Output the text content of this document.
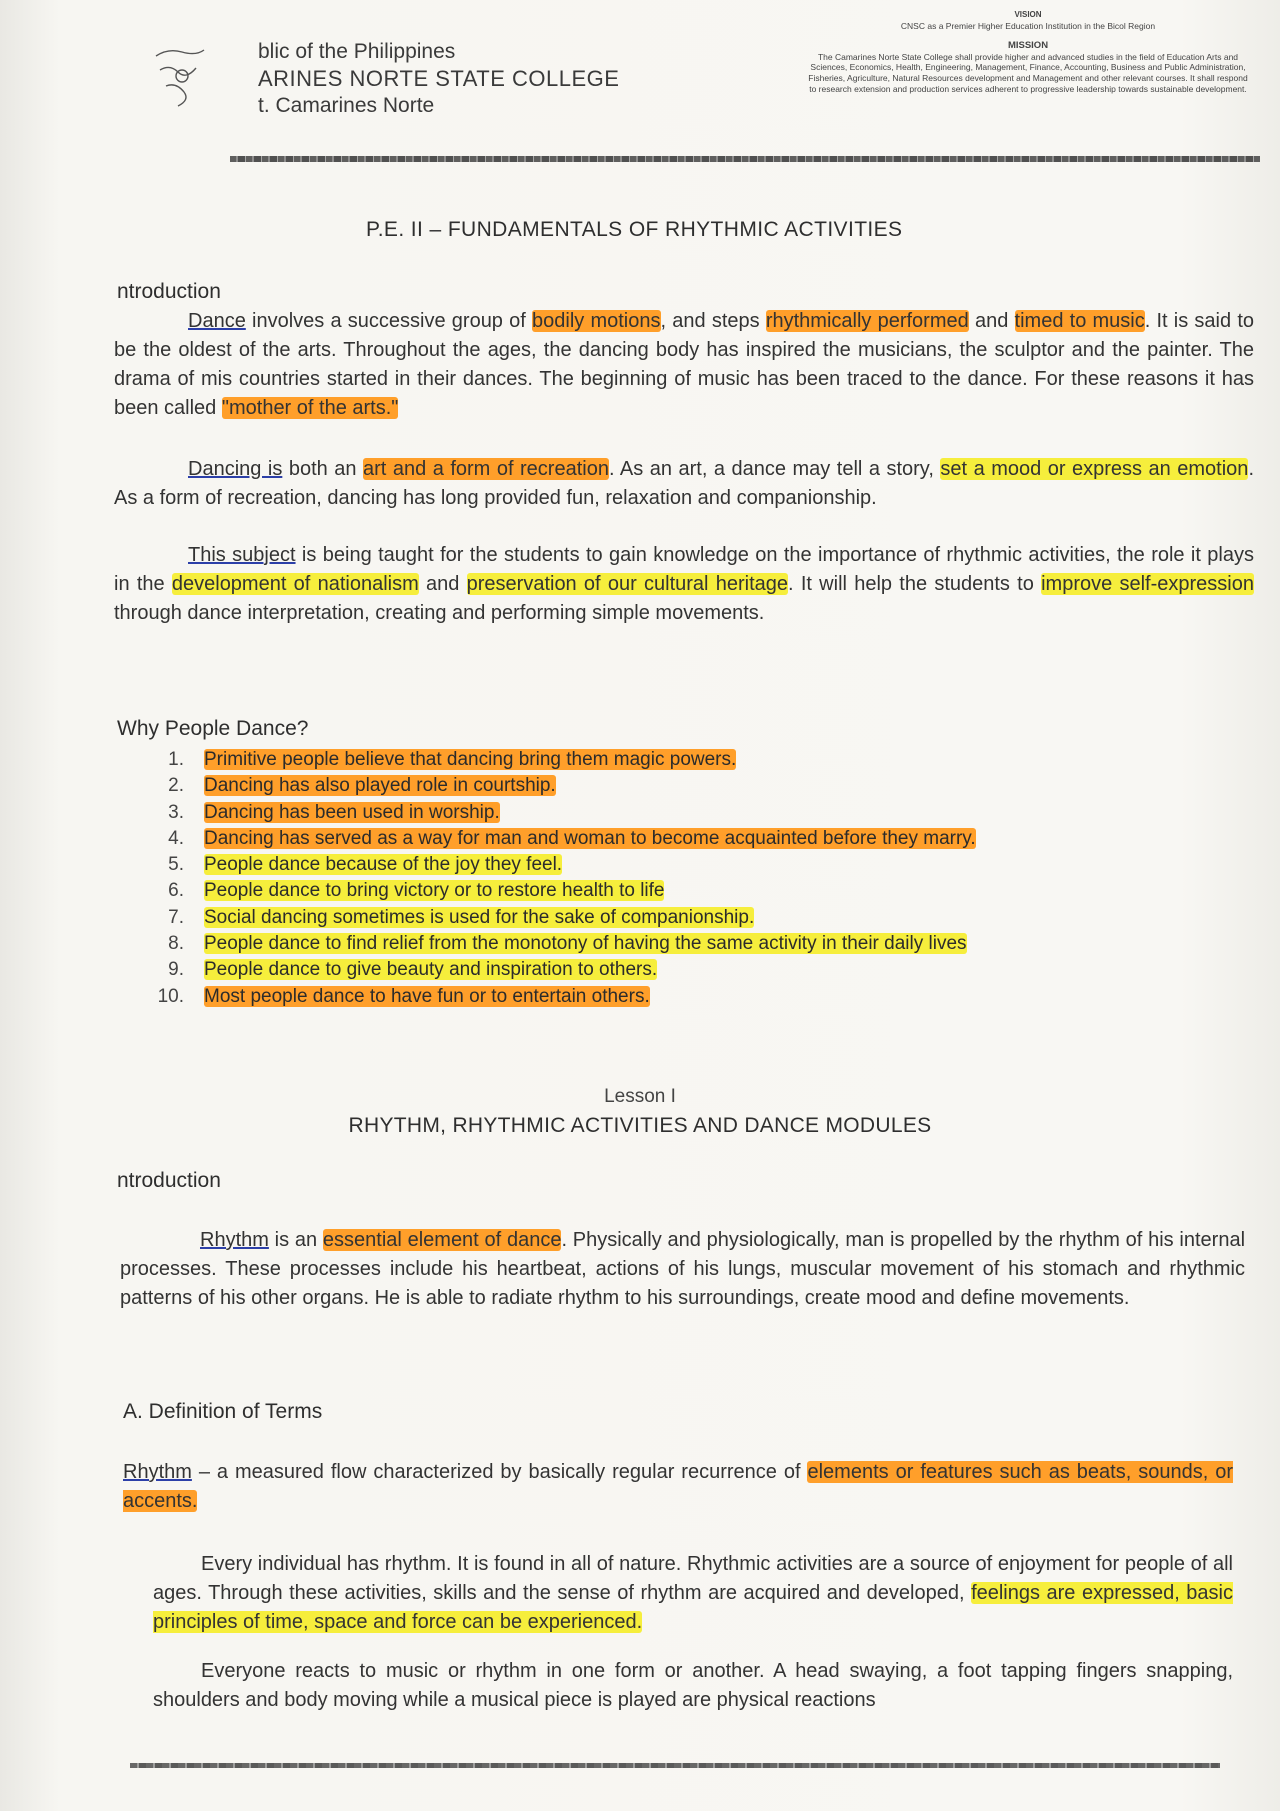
blic of the Philippines
ARINES NORTE STATE COLLEGE
t. Camarines Norte
VISION
CNSC as a Premier Higher Education Institution in the Bicol Region
MISSION
The Camarines Norte State College shall provide higher and advanced studies in the field of Education Arts and Sciences, Economics, Health, Engineering, Management, Finance, Accounting, Business and Public Administration, Fisheries, Agriculture, Natural Resources development and Management and other relevant courses. It shall respond to research extension and production services adherent to progressive leadership towards sustainable development.
P.E. II – FUNDAMENTALS OF RHYTHMIC ACTIVITIES
ntroduction

Dance involves a successive group of bodily motions, and steps rhythmically performed and timed to music. It is said to be the oldest of the arts. Throughout the ages, the dancing body has inspired the musicians, the sculptor and the painter. The drama of mis countries started in their dances. The beginning of music has been traced to the dance. For these reasons it has been called "mother of the arts."

Dancing is both an art and a form of recreation. As an art, a dance may tell a story, set a mood or express an emotion. As a form of recreation, dancing has long provided fun, relaxation and companionship.

This subject is being taught for the students to gain knowledge on the importance of rhythmic activities, the role it plays in the development of nationalism and preservation of our cultural heritage. It will help the students to improve self-expression through dance interpretation, creating and performing simple movements.

Why People Dance?
1. Primitive people believe that dancing bring them magic powers.
2. Dancing has also played role in courtship.
3. Dancing has been used in worship.
4. Dancing has served as a way for man and woman to become acquainted before they marry.
5. People dance because of the joy they feel.
6. People dance to bring victory or to restore health to life
7. Social dancing sometimes is used for the sake of companionship.
8. People dance to find relief from the monotony of having the same activity in their daily lives
9. People dance to give beauty and inspiration to others.
10. Most people dance to have fun or to entertain others.
Lesson I
RHYTHM, RHYTHMIC ACTIVITIES AND DANCE MODULES
ntroduction

Rhythm is an essential element of dance. Physically and physiologically, man is propelled by the rhythm of his internal processes. These processes include his heartbeat, actions of his lungs, muscular movement of his stomach and rhythmic patterns of his other organs. He is able to radiate rhythm to his surroundings, create mood and define movements.

A. Definition of Terms

Rhythm – a measured flow characterized by basically regular recurrence of elements or features such as beats, sounds, or accents.

Every individual has rhythm. It is found in all of nature. Rhythmic activities are a source of enjoyment for people of all ages. Through these activities, skills and the sense of rhythm are acquired and developed, feelings are expressed, basic principles of time, space and force can be experienced.

Everyone reacts to music or rhythm in one form or another. A head swaying, a foot tapping fingers snapping, shoulders and body moving while a musical piece is played are physical reactions
